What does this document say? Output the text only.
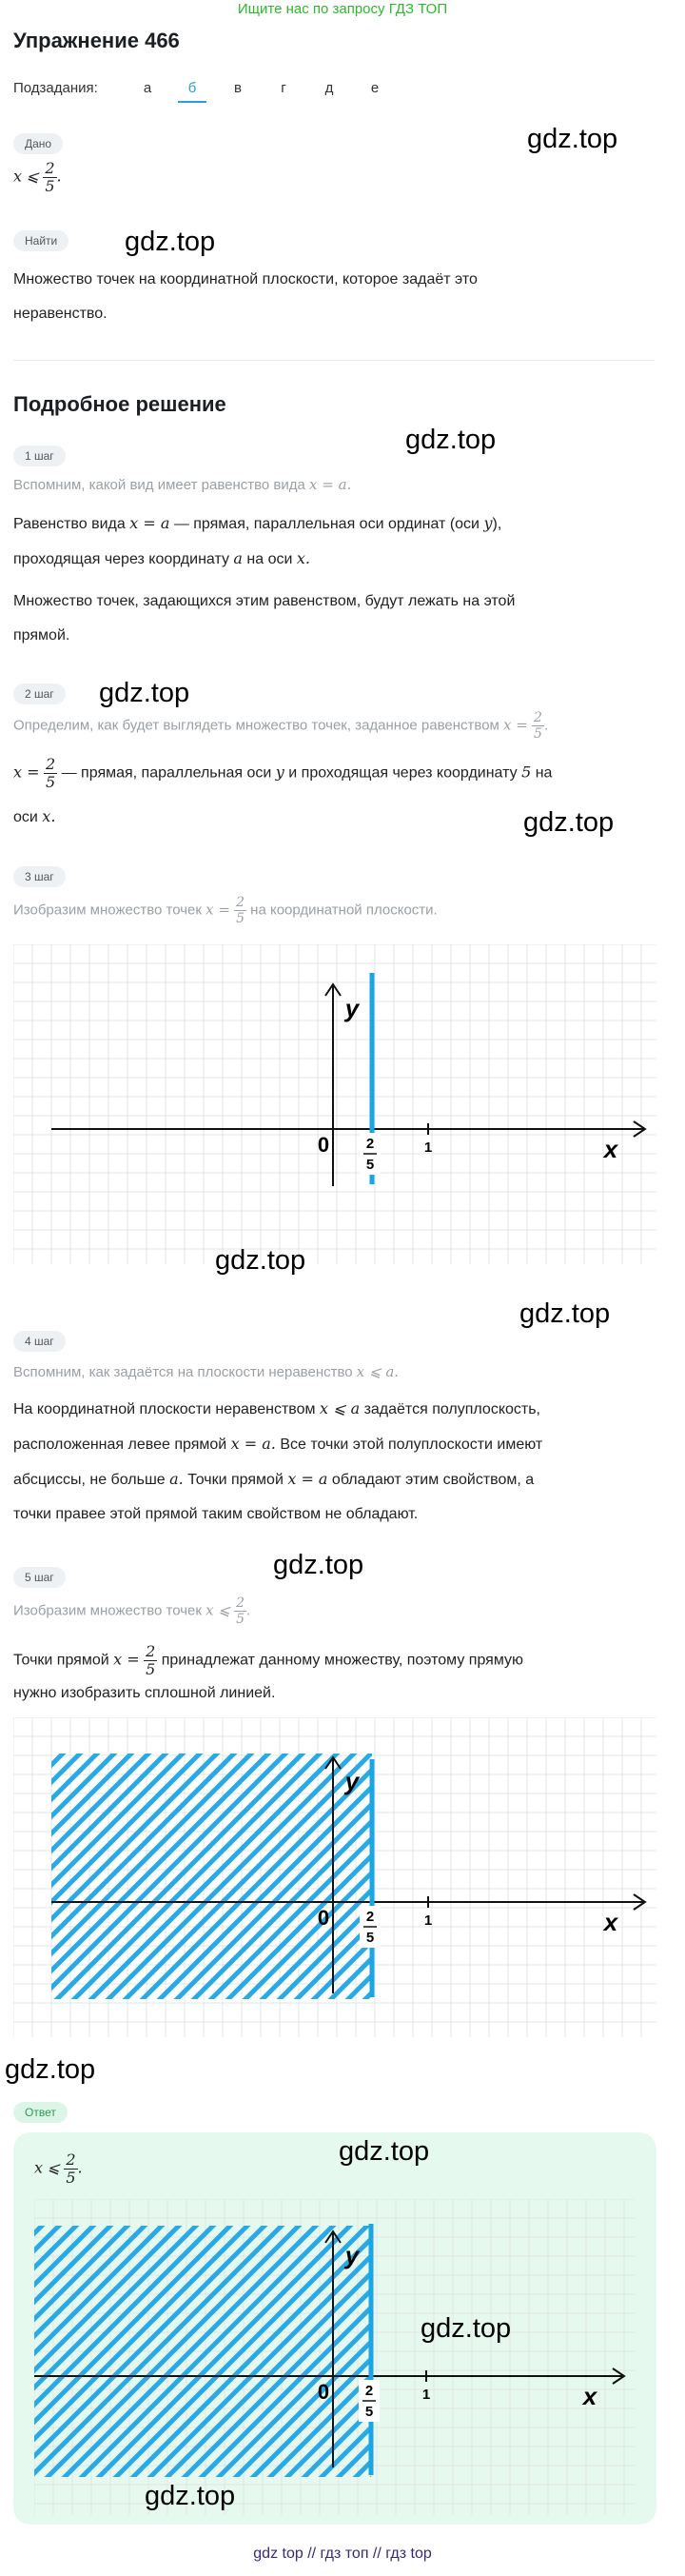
Ищите нас по запросу ГДЗ ТОП
Упражнение 466
Подзадания:	а	б	в	г	д	е
Дано
x ⩽ $\frac{2}{5}$ .
Найти
Множество точек на координатной плоскости, которое задаёт это
неравенство.
Подробное решение
1 шаг
Вспомним, какой вид имеет равенство вида x = a.
Равенство вида x = a — прямая, параллельная оси ординат (оси y),
проходящая через координату a на оси x.
Множество точек, задающихся этим равенством, будут лежать на этой
прямой.
2 шаг
Определим, как будет выглядеть множество точек, заданное равенством $x = \frac{2}{5}$ .
$x = \frac{2}{5}$ — прямая, параллельная оси y и проходящая через координату 5 на
оси x.
3 шаг
Изобразим множество точек $x = \frac{2}{5}$ на координатной плоскости.
1
0
y
x
2
5
4 шаг
Вспомним, как задаётся на плоскости неравенство x ⩽ a.
На координатной плоскости неравенством x ⩽ a задаётся полуплоскость,
расположенная левее прямой x = a. Все точки этой полуплоскости имеют
абсциссы, не больше a. Точки прямой x = a обладают этим свойством, а
точки правее этой прямой таким свойством не обладают.
5 шаг
Изобразим множество точек x ⩽ $\frac{2}{5}$ .
Точки прямой $x = \frac{2}{5}$ принадлежат данному множеству, поэтому прямую
нужно изобразить сплошной линией.
1
0
y
x
2
5
Ответ
x ⩽ $\frac{2}{5}$ .
1
0
y
x
2
5
gdz.top
gdz.top
gdz.top
gdz.top
gdz.top
gdz.top
gdz.top
gdz.top
gdz.top
gdz.top
gdz.top
gdz.top
gdz top // гдз топ // гдз top
